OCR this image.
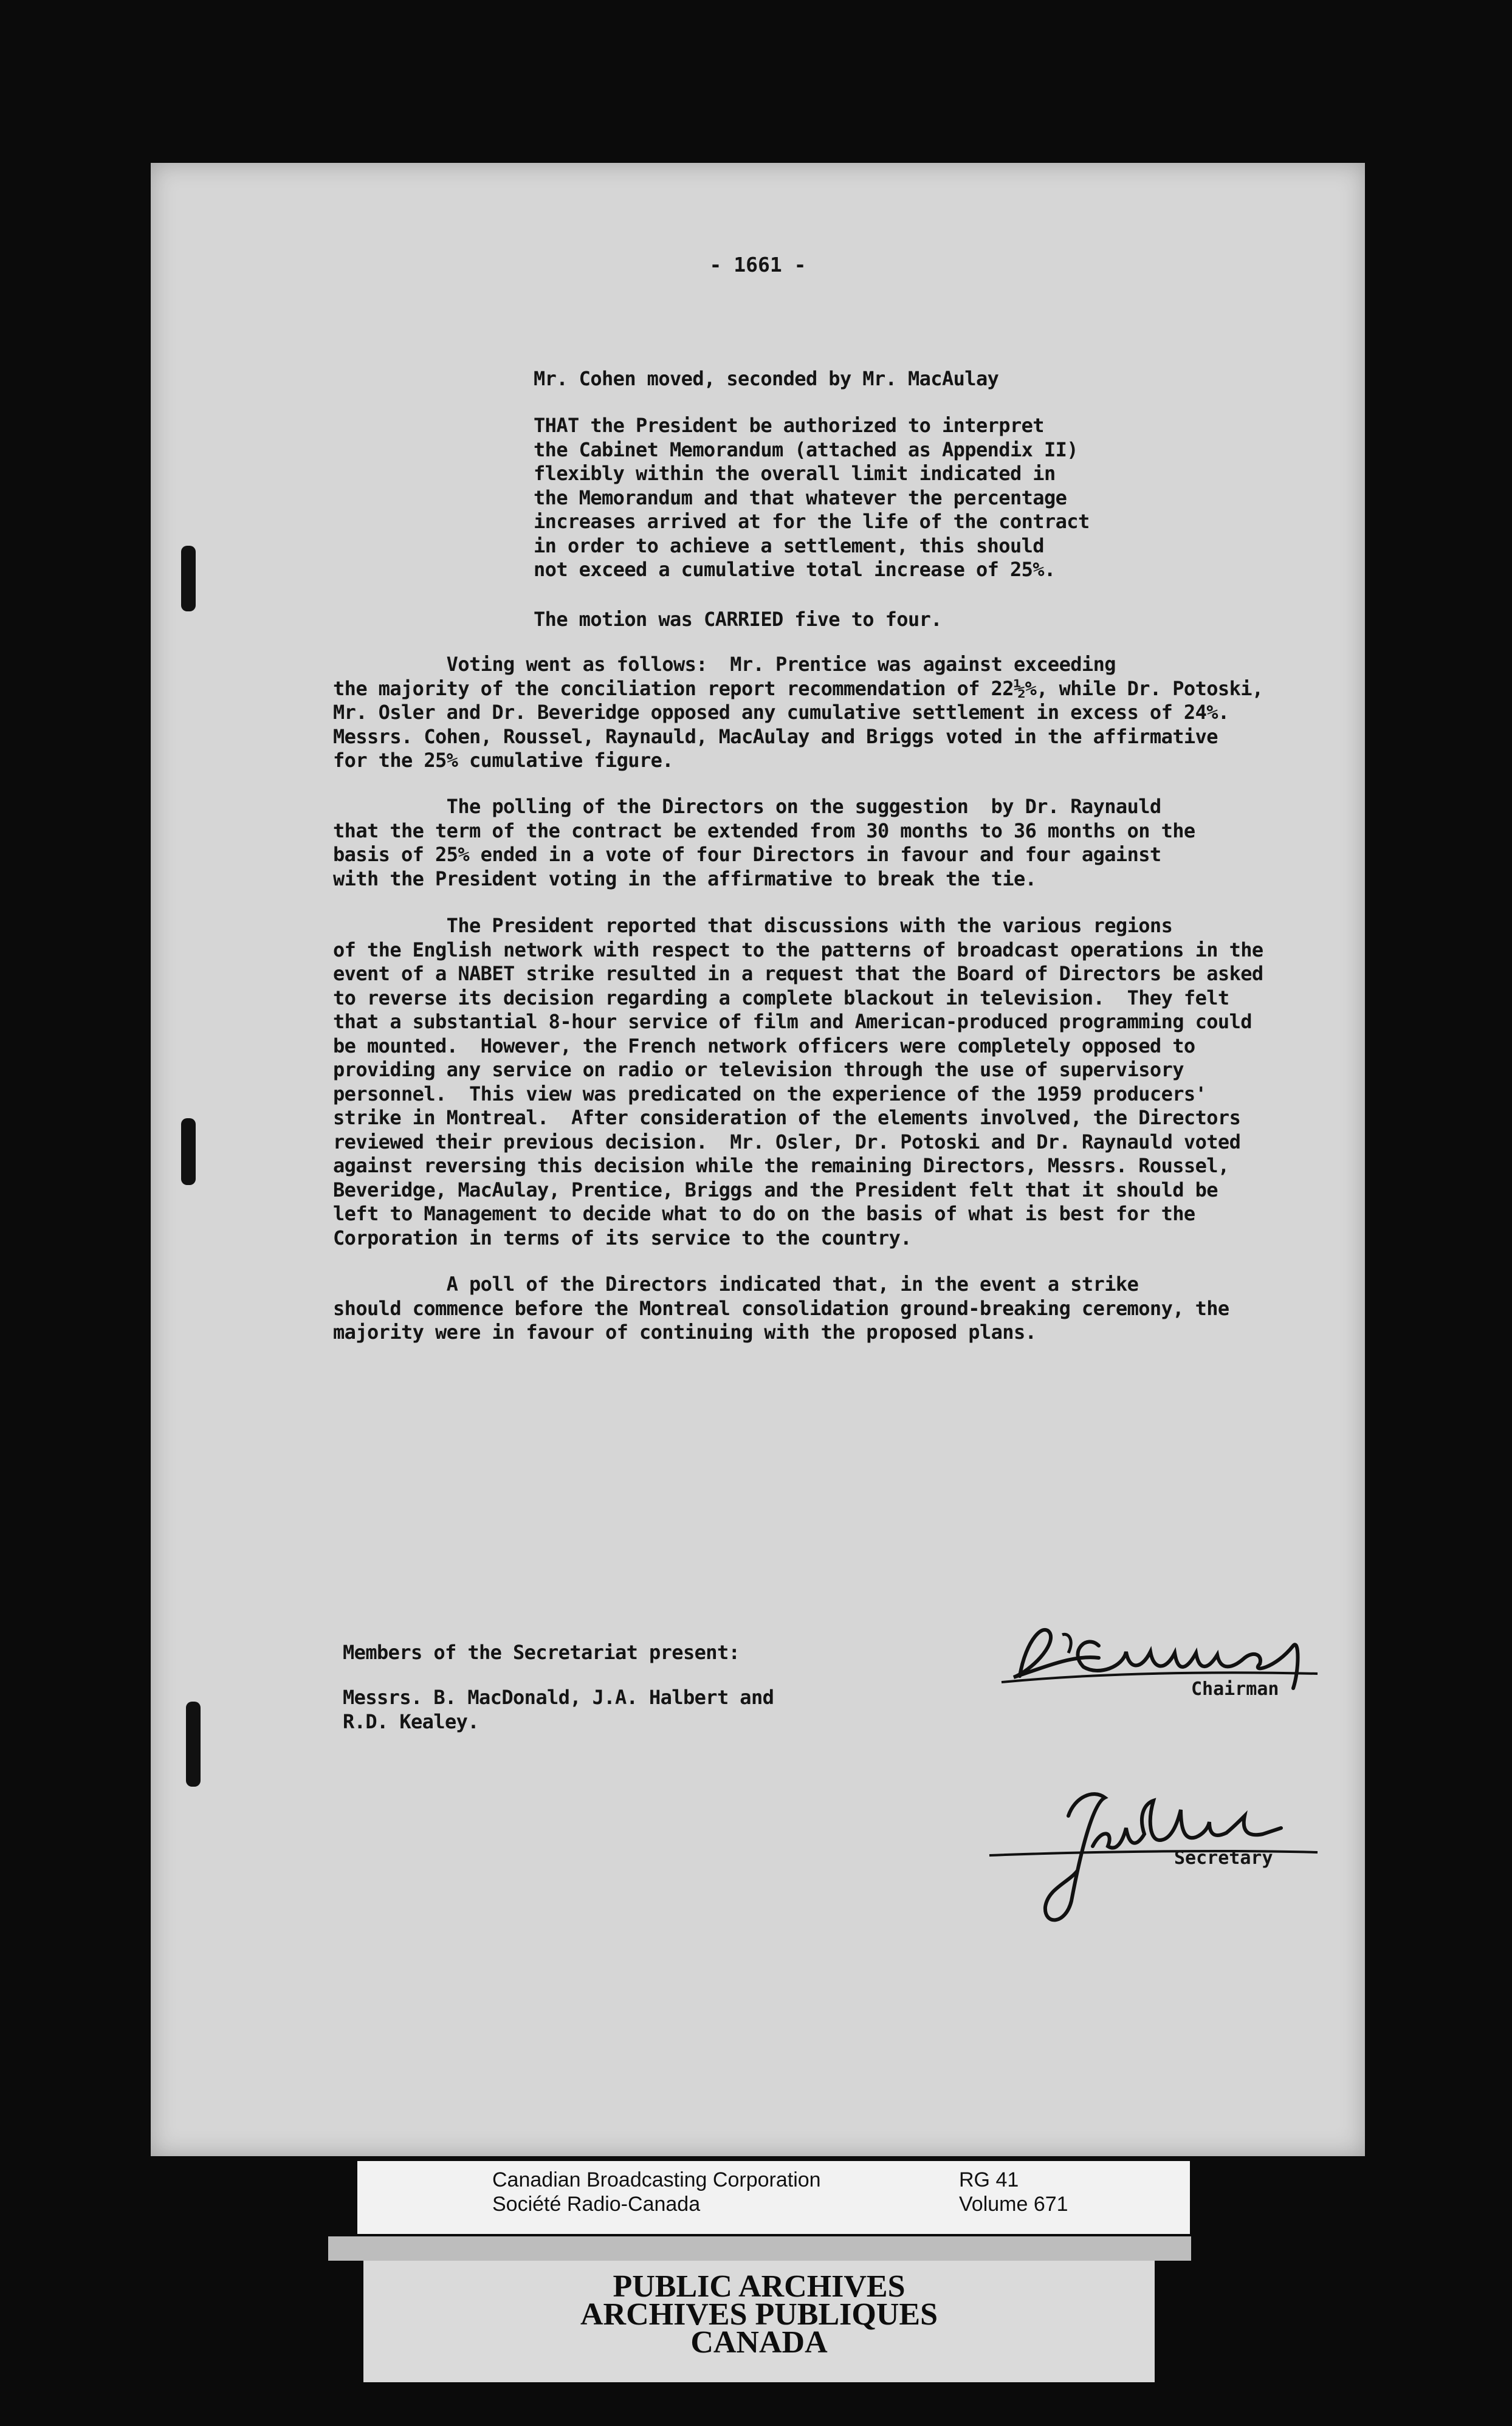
- 1661 -
Mr. Cohen moved, seconded by Mr. MacAulay
THAT the President be authorized to interpret
the Cabinet Memorandum (attached as Appendix II)
flexibly within the overall limit indicated in
the Memorandum and that whatever the percentage
increases arrived at for the life of the contract
in order to achieve a settlement, this should
not exceed a cumulative total increase of 25%.
The motion was CARRIED five to four.
Voting went as follows:  Mr. Prentice was against exceeding
the majority of the conciliation report recommendation of 22½%, while Dr. Potoski,
Mr. Osler and Dr. Beveridge opposed any cumulative settlement in excess of 24%.
Messrs. Cohen, Roussel, Raynauld, MacAulay and Briggs voted in the affirmative
for the 25% cumulative figure.
The polling of the Directors on the suggestion  by Dr. Raynauld
that the term of the contract be extended from 30 months to 36 months on the
basis of 25% ended in a vote of four Directors in favour and four against
with the President voting in the affirmative to break the tie.
The President reported that discussions with the various regions
of the English network with respect to the patterns of broadcast operations in the
event of a NABET strike resulted in a request that the Board of Directors be asked
to reverse its decision regarding a complete blackout in television.  They felt
that a substantial 8-hour service of film and American-produced programming could
be mounted.  However, the French network officers were completely opposed to
providing any service on radio or television through the use of supervisory
personnel.  This view was predicated on the experience of the 1959 producers'
strike in Montreal.  After consideration of the elements involved, the Directors
reviewed their previous decision.  Mr. Osler, Dr. Potoski and Dr. Raynauld voted
against reversing this decision while the remaining Directors, Messrs. Roussel,
Beveridge, MacAulay, Prentice, Briggs and the President felt that it should be
left to Management to decide what to do on the basis of what is best for the
Corporation in terms of its service to the country.
A poll of the Directors indicated that, in the event a strike
should commence before the Montreal consolidation ground-breaking ceremony, the
majority were in favour of continuing with the proposed plans.
Members of the Secretariat present:
Messrs. B. MacDonald, J.A. Halbert and
R.D. Kealey.
Chairman
Secretary
Canadian Broadcasting Corporation
Société Radio-Canada
RG 41
Volume 671
PUBLIC ARCHIVES
ARCHIVES PUBLIQUES
CANADA
